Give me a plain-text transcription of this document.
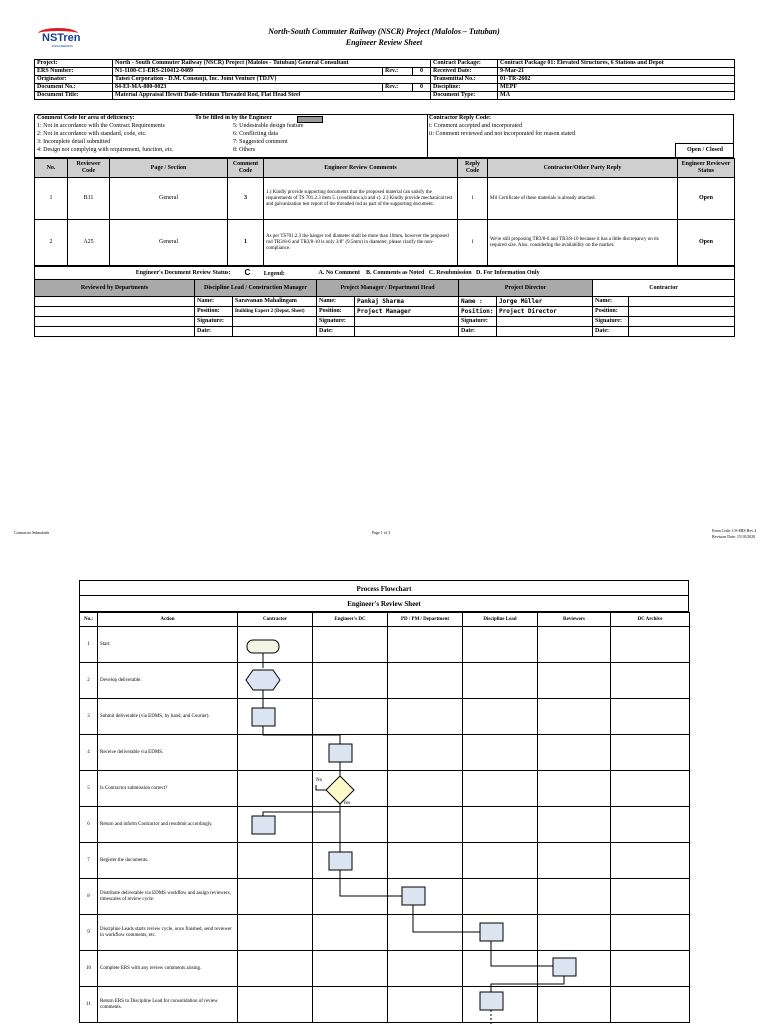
NSTren
ENGINEERING
North-South Commuter Railway (NSCR) Project (Malolos – Tutuban)
Engineer Review Sheet
Project:	North - South Commuter Railway (NSCR) Project (Malolos - Tutuban) General Consultant			Contract Package:	Contract Package 01: Elevated Structures, 6 Stations and Depot
ERS Number:	N1-1100-C1-ERS-210412-0489	Rev.:	0	Received Date:	9-Mar-21
Originator:	Taisei Corporation - D.M. Consunji, Inc. Joint Venture (TDJV)			Transmittal No.:	01-TR-2602
Document No.:	84-EI-MA-800-0023	Rev.:	0	Discipline:	MEPF
Document Title:	Material Appraisal Hewitt Dade-Iridium Threaded Rod, Flat Head Steel			Document Type:	MA
Comment Code for area of deficiency:	To be filled in by the Engineer
1: Not in accordance with the Contract Requirements
2: Not in accordance with standard, code, etc.
3: Incomplete detail submitted
4: Design not complying with requirement, function, etc.
5: Undesirable design feature
6: Conflicting data
7: Suggested comment
8: Others
Contractor Reply Code:
i: Comment accepted and incorporated
ii: Comment reviewed and not incorporated for reason stated
Open / Closed
No.	Reviewer Code	Page / Section	Comment Code	Engineer Review Comments	Reply Code	Contractor/Other Party Reply	Engineer Reviewer Status
1	B11	General	3	1.) Kindly provide supporting documents that the proposed material can satisfy the requirements of TS 701.2.3 item 5. (conditions a,b and c). 2.) Kindly provide mechanical test and galvanization test report of the threaded rod as part of the supporting document.	i	Mil Certificate of these materials is already attached.	Open
2	A25	General	1	As per TS701.2.3 the hanger rod diameter shall be more than 10mm, however the proposed rod TR3/8-6 and TR3/8-10 is only 3/8" (9.5mm) in diameter, please clarify the non-compliance.	i	We're still proposing TR3/8-6 and TR3/8-10 because it has a little discrepancy on its required size. Also, considering the availability on the market.	Open
Engineer's Document Review Status:		C Legend:	A. No Comment B. Comments as Noted C. Resubmission D. For Information Only					
Reviewed by Departments	Discipline Lead / Construction Manager		Project Manager / Department Head		Project Director		Contractor	
	Name:	Saravanan Mahalingam	Name:	Pankaj Sharma	Name :	Jorge Müller	Name:	
	Position:	Building Expert 2 (Depot, Sheet)	Position:	Project Manager	Position:	Project Director	Position:	
	Signature:		Signature:		Signature:		Signature:	
	Date:		Date:		Date:		Date:	
Contractor Submittals	Page 1 of 3	Form Code: CS-ERS Rev 2
Revision Date: 15/10/2020
Process Flowchart
Engineer's Review Sheet
No.:	Action	Contractor	Engineer's DC	PD / PM / Department	Discipline Lead	Reviewers	DC Archive
1	Start.						
2	Develop deliverable.						
3	Submit deliverable (via EDMS, by hand, and Courier).						
4	Receive deliverable via EDMS.						
5	Is Contractor submission correct?						
6	Return and inform Contractor and resubmit accordingly.						
7	Register the documents.						
8	Distribute deliverable via EDMS workflow and assign reviewers, timescales of review cycle.						
9	Discipline Leads starts review cycle, once finished, send reviewer in workflow comments, etc.						
10	Complete ERS with any review comments arising.						
11	Return ERS to Discipline Lead for consolidation of review comments.						
No
Yes
